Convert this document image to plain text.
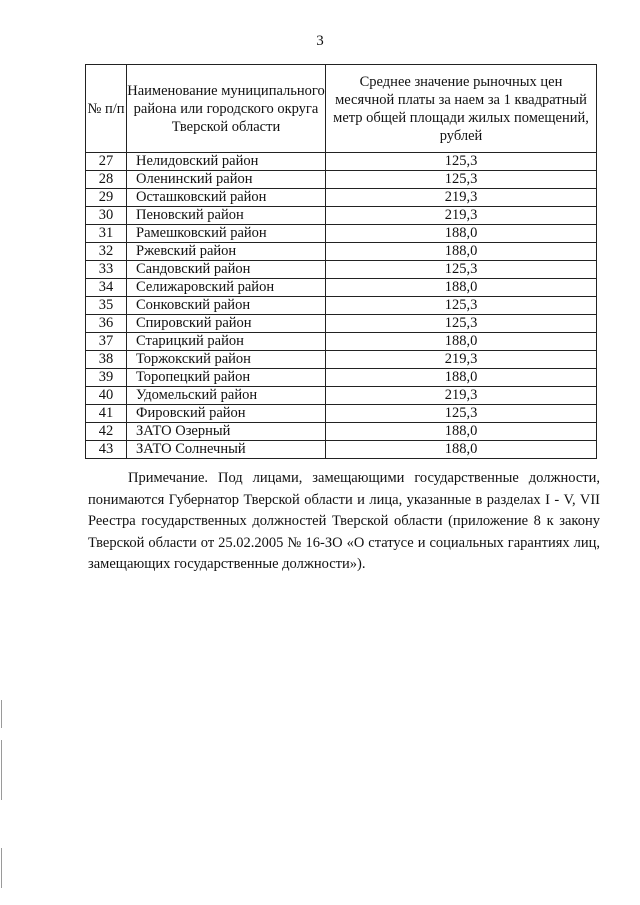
3
№ п/п	Наименование муниципального района или городского округа Тверской области	Среднее значение рыночных цен месячной платы за наем за 1 квадратный метр общей площади жилых помещений, рублей
27	Нелидовский район	125,3
28	Оленинский район	125,3
29	Осташковский район	219,3
30	Пеновский район	219,3
31	Рамешковский район	188,0
32	Ржевский район	188,0
33	Сандовский район	125,3
34	Селижаровский район	188,0
35	Сонковский район	125,3
36	Спировский район	125,3
37	Старицкий район	188,0
38	Торжокский район	219,3
39	Торопецкий район	188,0
40	Удомельский район	219,3
41	Фировский район	125,3
42	ЗАТО Озерный	188,0
43	ЗАТО Солнечный	188,0

Примечание. Под лицами, замещающими государственные должности, понимаются Губернатор Тверской области и лица, указанные в разделах I - V, VII Реестра государственных должностей Тверской области (приложение 8 к закону Тверской области от 25.02.2005 № 16-ЗО «О статусе и социальных гарантиях лиц, замещающих государственные должности»).
